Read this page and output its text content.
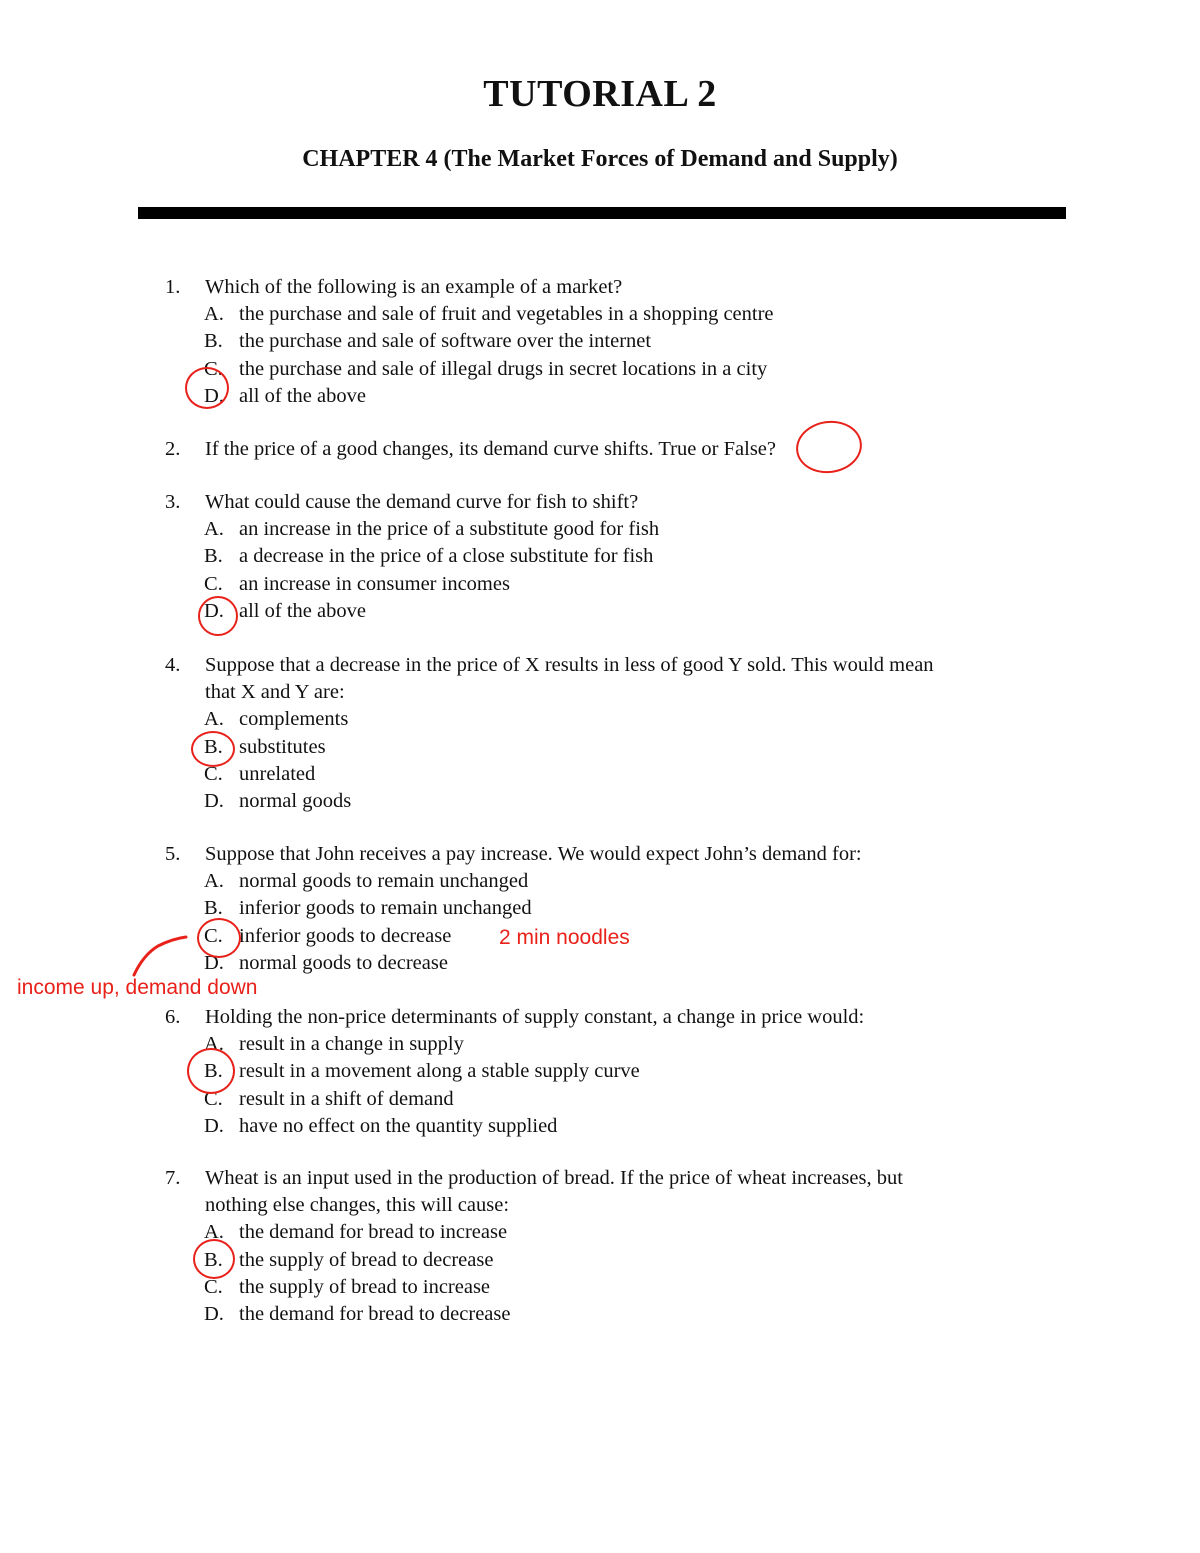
TUTORIAL 2
CHAPTER 4 (The Market Forces of Demand and Supply)
1. Which of the following is an example of a market?
A. the purchase and sale of fruit and vegetables in a shopping centre
B. the purchase and sale of software over the internet
C. the purchase and sale of illegal drugs in secret locations in a city
D. all of the above
2. If the price of a good changes, its demand curve shifts. True or False?
3. What could cause the demand curve for fish to shift?
A. an increase in the price of a substitute good for fish
B. a decrease in the price of a close substitute for fish
C. an increase in consumer incomes
D. all of the above
4. Suppose that a decrease in the price of X results in less of good Y sold. This would mean
that X and Y are:
A. complements
B. substitutes
C. unrelated
D. normal goods
5. Suppose that John receives a pay increase. We would expect John’s demand for:
A. normal goods to remain unchanged
B. inferior goods to remain unchanged
C. inferior goods to decrease
D. normal goods to decrease
6. Holding the non-price determinants of supply constant, a change in price would:
A. result in a change in supply
B. result in a movement along a stable supply curve
C. result in a shift of demand
D. have no effect on the quantity supplied
7. Wheat is an input used in the production of bread. If the price of wheat increases, but
nothing else changes, this will cause:
A. the demand for bread to increase
B. the supply of bread to decrease
C. the supply of bread to increase
D. the demand for bread to decrease
2 min noodles
income up, demand down
